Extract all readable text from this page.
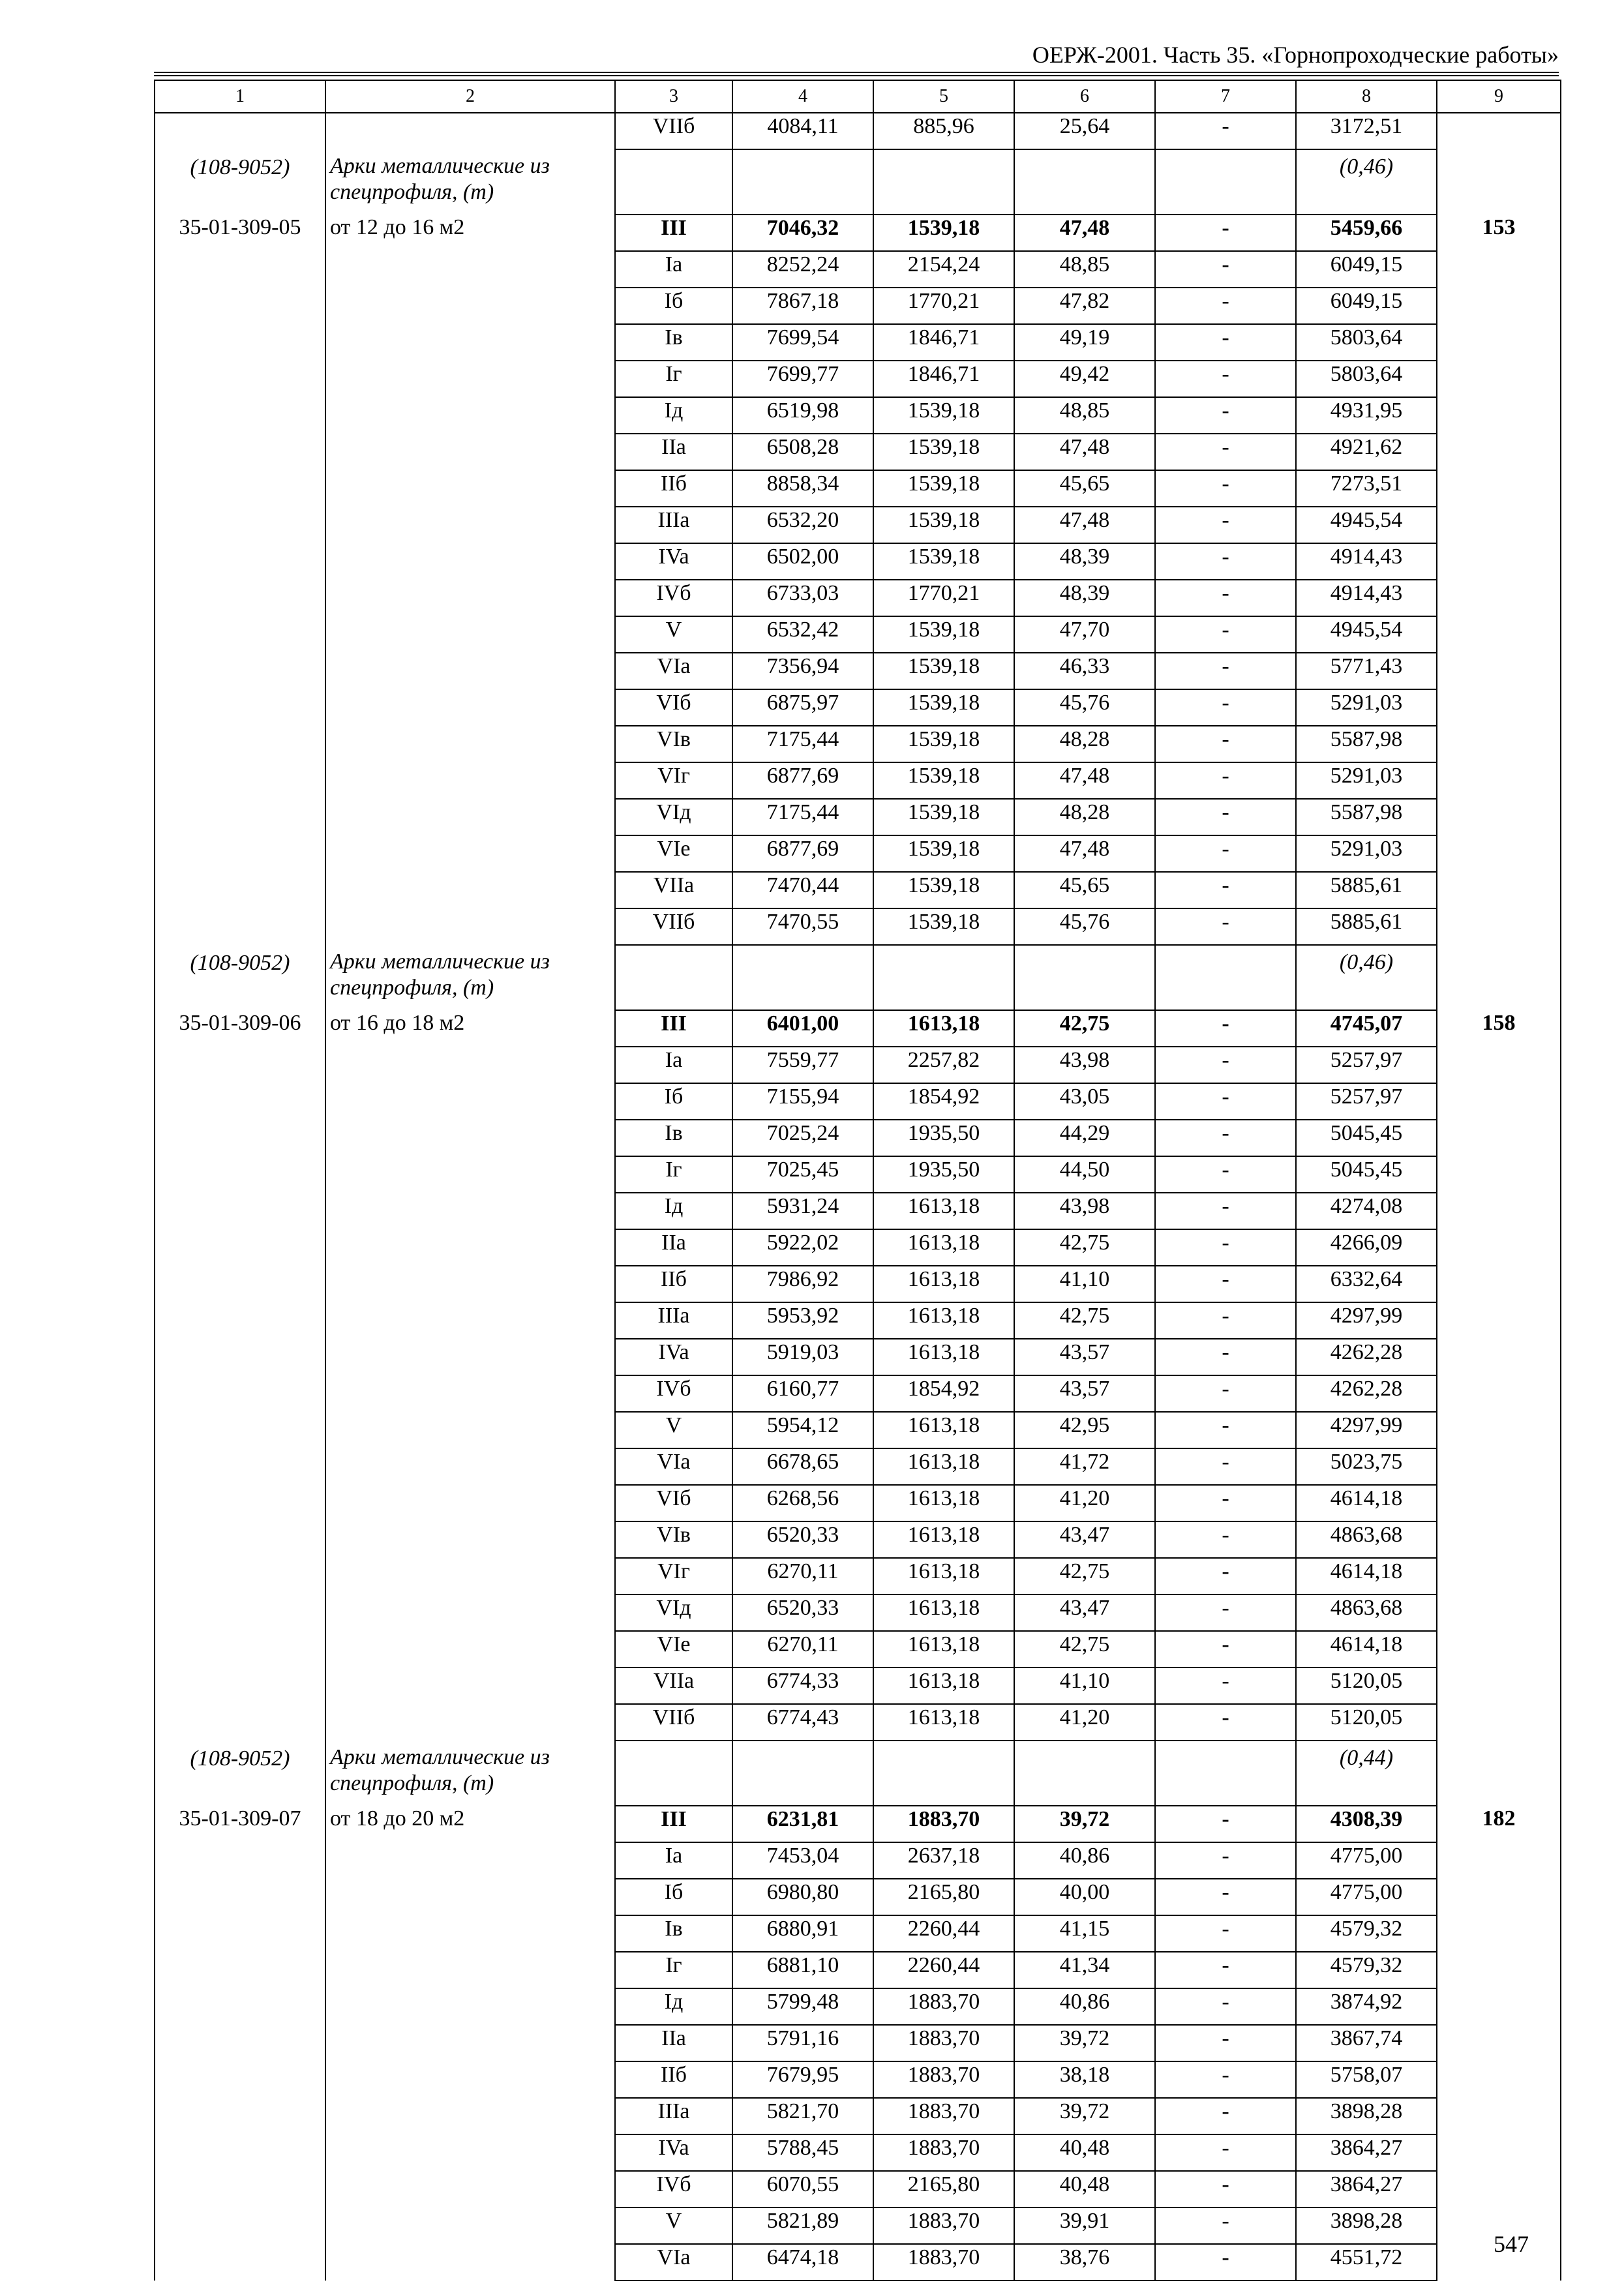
ОЕРЖ-2001. Часть 35. «Горнопроходческие работы»
1	2	3	4	5	6	7	8	9
		VIIб	4084,11	885,96	25,64	-	3172,51	
(108-9052)	Арки металлические из спецпрофиля, (т)						(0,46)	
35-01-309-05	от 12 до 16 м2	III	7046,32	1539,18	47,48	-	5459,66	153
		Ia	8252,24	2154,24	48,85	-	6049,15	
		Iб	7867,18	1770,21	47,82	-	6049,15	
		Iв	7699,54	1846,71	49,19	-	5803,64	
		Iг	7699,77	1846,71	49,42	-	5803,64	
		Iд	6519,98	1539,18	48,85	-	4931,95	
		IIa	6508,28	1539,18	47,48	-	4921,62	
		IIб	8858,34	1539,18	45,65	-	7273,51	
		IIIa	6532,20	1539,18	47,48	-	4945,54	
		IVa	6502,00	1539,18	48,39	-	4914,43	
		IVб	6733,03	1770,21	48,39	-	4914,43	
		V	6532,42	1539,18	47,70	-	4945,54	
		VIa	7356,94	1539,18	46,33	-	5771,43	
		VIб	6875,97	1539,18	45,76	-	5291,03	
		VIв	7175,44	1539,18	48,28	-	5587,98	
		VIг	6877,69	1539,18	47,48	-	5291,03	
		VIд	7175,44	1539,18	48,28	-	5587,98	
		VIe	6877,69	1539,18	47,48	-	5291,03	
		VIIa	7470,44	1539,18	45,65	-	5885,61	
		VIIб	7470,55	1539,18	45,76	-	5885,61	
(108-9052)	Арки металлические из спецпрофиля, (т)						(0,46)	
35-01-309-06	от 16 до 18 м2	III	6401,00	1613,18	42,75	-	4745,07	158
		Ia	7559,77	2257,82	43,98	-	5257,97	
		Iб	7155,94	1854,92	43,05	-	5257,97	
		Iв	7025,24	1935,50	44,29	-	5045,45	
		Iг	7025,45	1935,50	44,50	-	5045,45	
		Iд	5931,24	1613,18	43,98	-	4274,08	
		IIa	5922,02	1613,18	42,75	-	4266,09	
		IIб	7986,92	1613,18	41,10	-	6332,64	
		IIIa	5953,92	1613,18	42,75	-	4297,99	
		IVa	5919,03	1613,18	43,57	-	4262,28	
		IVб	6160,77	1854,92	43,57	-	4262,28	
		V	5954,12	1613,18	42,95	-	4297,99	
		VIa	6678,65	1613,18	41,72	-	5023,75	
		VIб	6268,56	1613,18	41,20	-	4614,18	
		VIв	6520,33	1613,18	43,47	-	4863,68	
		VIг	6270,11	1613,18	42,75	-	4614,18	
		VIд	6520,33	1613,18	43,47	-	4863,68	
		VIe	6270,11	1613,18	42,75	-	4614,18	
		VIIa	6774,33	1613,18	41,10	-	5120,05	
		VIIб	6774,43	1613,18	41,20	-	5120,05	
(108-9052)	Арки металлические из спецпрофиля, (т)						(0,44)	
35-01-309-07	от 18 до 20 м2	III	6231,81	1883,70	39,72	-	4308,39	182
		Ia	7453,04	2637,18	40,86	-	4775,00	
		Iб	6980,80	2165,80	40,00	-	4775,00	
		Iв	6880,91	2260,44	41,15	-	4579,32	
		Iг	6881,10	2260,44	41,34	-	4579,32	
		Iд	5799,48	1883,70	40,86	-	3874,92	
		IIa	5791,16	1883,70	39,72	-	3867,74	
		IIб	7679,95	1883,70	38,18	-	5758,07	
		IIIa	5821,70	1883,70	39,72	-	3898,28	
		IVa	5788,45	1883,70	40,48	-	3864,27	
		IVб	6070,55	2165,80	40,48	-	3864,27	
		V	5821,89	1883,70	39,91	-	3898,28	
		VIa	6474,18	1883,70	38,76	-	4551,72	
547
